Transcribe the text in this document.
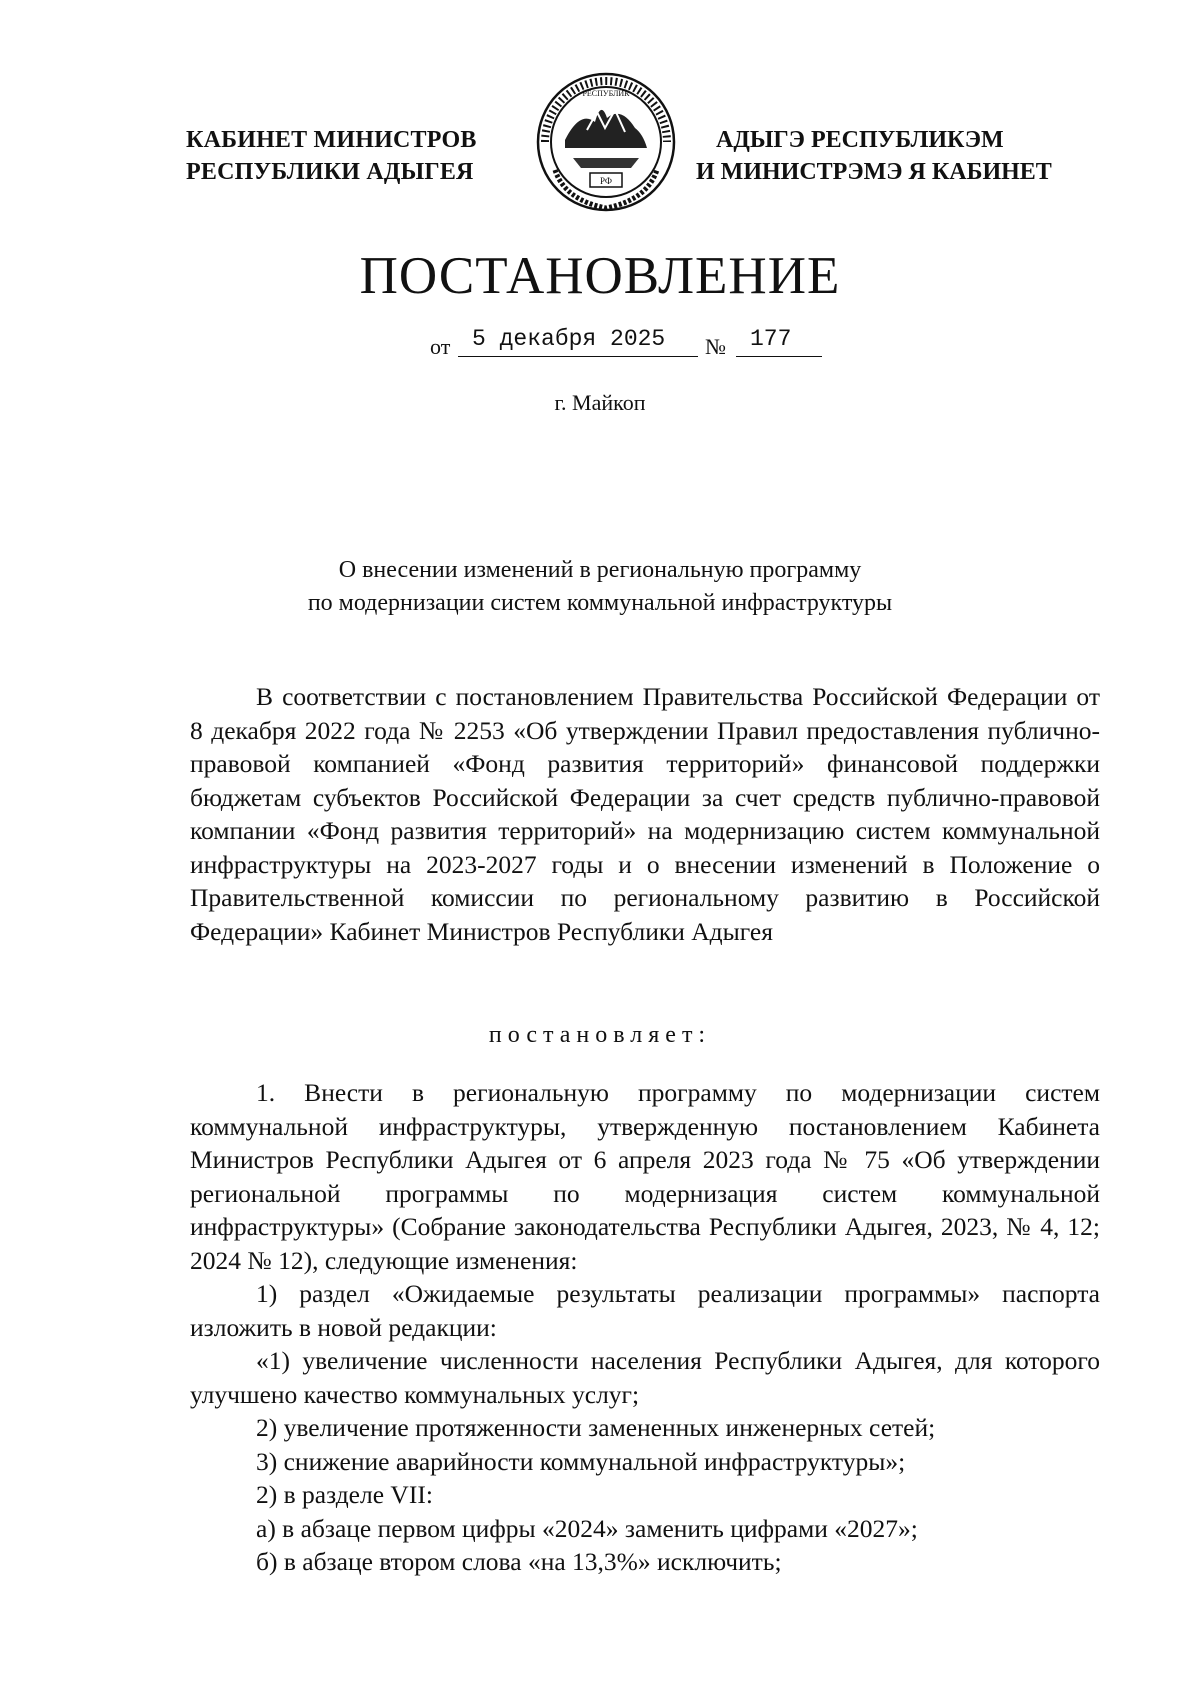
КАБИНЕТ МИНИСТРОВ
РЕСПУБЛИКИ АДЫГЕЯ	РФ
РЕСПУБЛИК
АДЫГЭ РЕСПУБЛИКЭМ
И МИНИСТРЭМЭ Я КАБИНЕТ
ПОСТАНОВЛЕНИЕ
от 5 декабря 2025	№	177
г. Майкоп
О внесении изменений в региональную программу
по модернизации систем коммунальной инфраструктуры

В соответствии с постановлением Правительства Российской Федерации от 8 декабря 2022 года № 2253 «Об утверждении Правил предоставления публично-правовой компанией «Фонд развития территорий» финансовой поддержки бюджетам субъектов Российской Федерации за счет средств публично-правовой компании «Фонд развития территорий» на модернизацию систем коммунальной инфраструктуры на 2023-2027 годы и о внесении изменений в Положение о Правительственной комиссии по региональному развитию в Российской Федерации» Кабинет Министров Республики Адыгея

постановляет:

1. Внести в региональную программу по модернизации систем коммунальной инфраструктуры, утвержденную постановлением Кабинета Министров Республики Адыгея от 6 апреля 2023 года № 75 «Об утверждении региональной программы по модернизация систем коммунальной инфраструктуры» (Собрание законодательства Республики Адыгея, 2023, № 4, 12; 2024 № 12), следующие изменения:

1) раздел «Ожидаемые результаты реализации программы» паспорта изложить в новой редакции:

«1) увеличение численности населения Республики Адыгея, для которого улучшено качество коммунальных услуг;

2) увеличение протяженности замененных инженерных сетей;
3) снижение аварийности коммунальной инфраструктуры»;
2) в разделе VII:
а) в абзаце первом цифры «2024» заменить цифрами «2027»;
б) в абзаце втором слова «на 13,3%» исключить;
